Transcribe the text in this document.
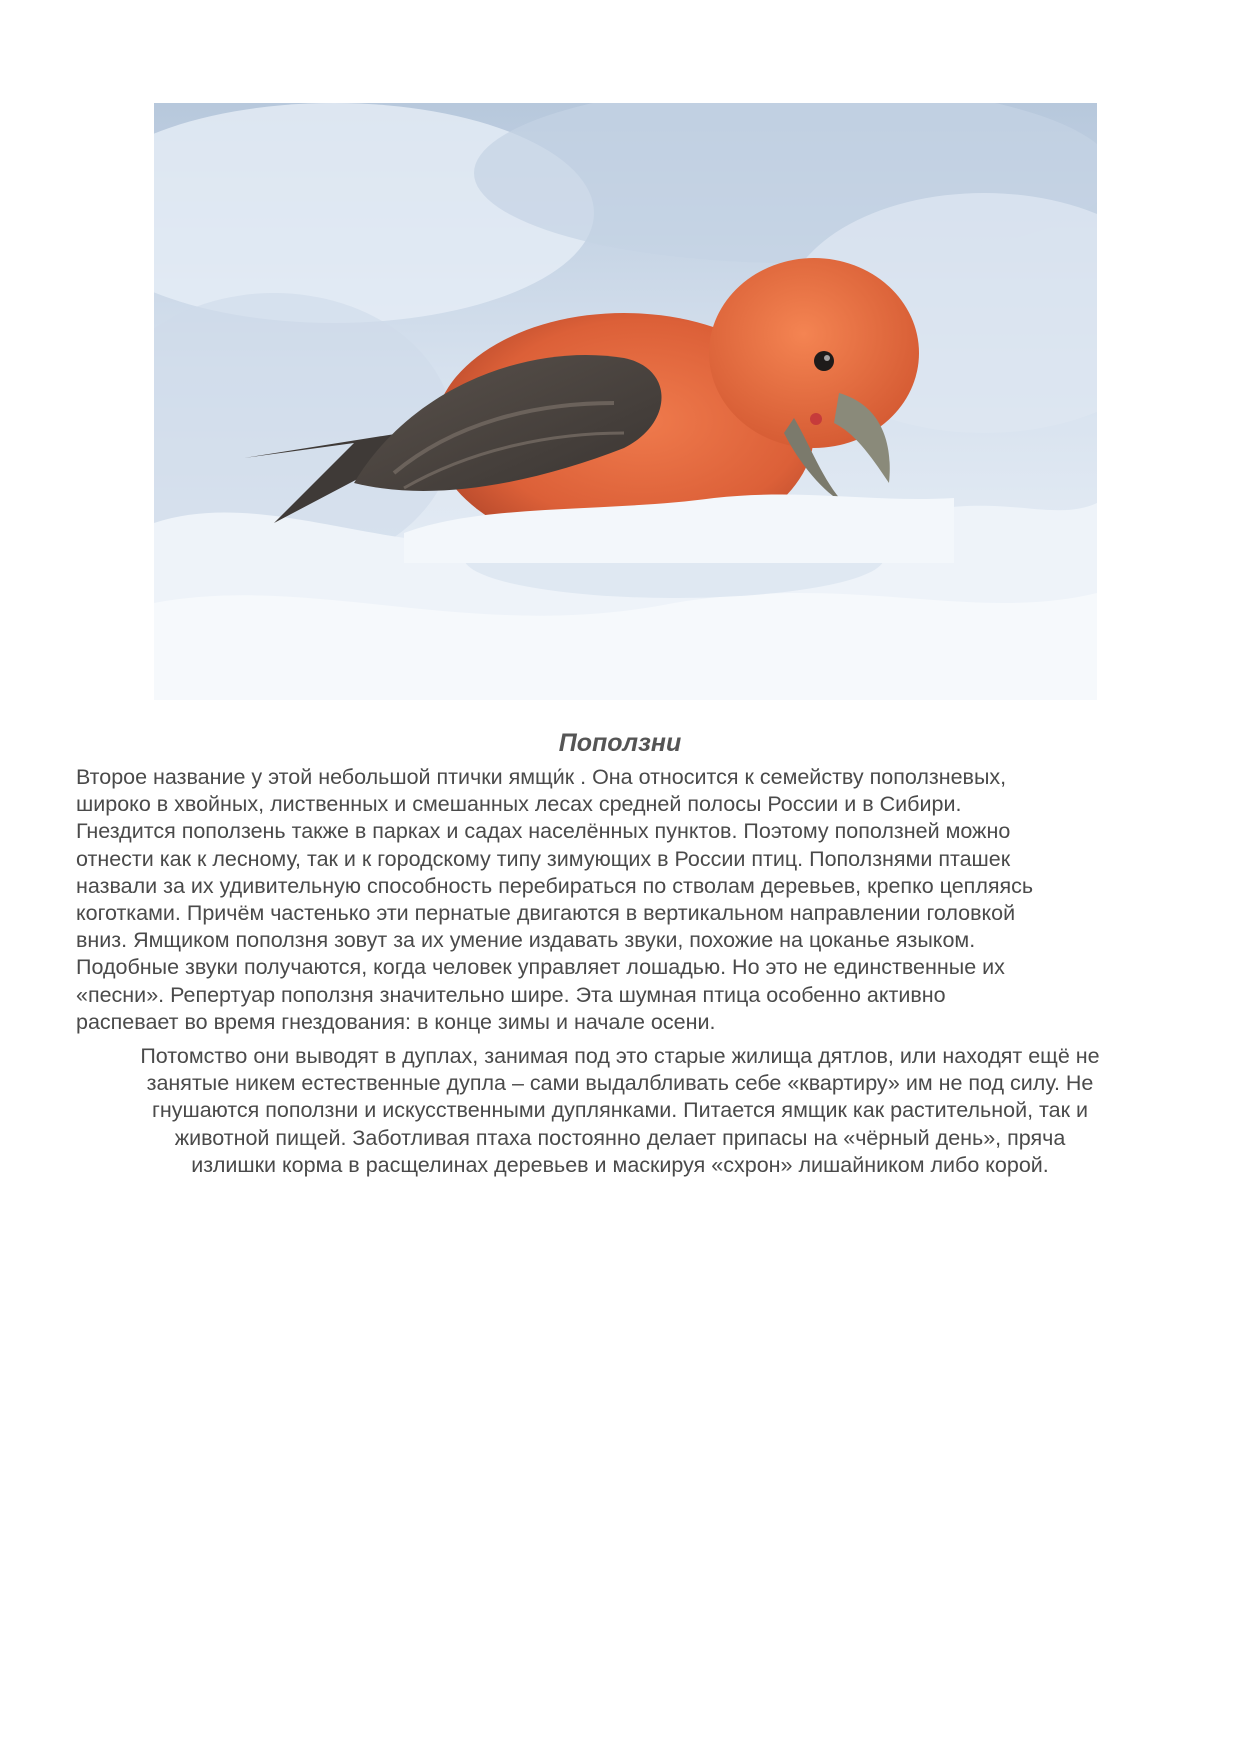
Поползни

Второе название у этой небольшой птички ямщи́к . Она относится к семейству поползневых,
широко в хвойных, лиственных и смешанных лесах средней полосы России и в Сибири.
Гнездится поползень также в парках и садах населённых пунктов. Поэтому поползней можно
отнести как к лесному, так и к городскому типу зимующих в России птиц. Поползнями пташек
назвали за их удивительную способность перебираться по стволам деревьев, крепко цепляясь
коготками. Причём частенько эти пернатые двигаются в вертикальном направлении головкой
вниз. Ямщиком поползня зовут за их умение издавать звуки, похожие на цоканье языком.
Подобные звуки получаются, когда человек управляет лошадью. Но это не единственные их
«песни». Репертуар поползня значительно шире. Эта шумная птица особенно активно
распевает во время гнездования: в конце зимы и начале осени.

Потомство они выводят в дуплах, занимая под это старые жилища дятлов, или находят ещё не
занятые никем естественные дупла – сами выдалбливать себе «квартиру» им не под силу. Не
гнушаются поползни и искусственными дуплянками. Питается ямщик как растительной, так и
животной пищей. Заботливая птаха постоянно делает припасы на «чёрный день», пряча
излишки корма в расщелинах деревьев и маскируя «схрон» лишайником либо корой.
